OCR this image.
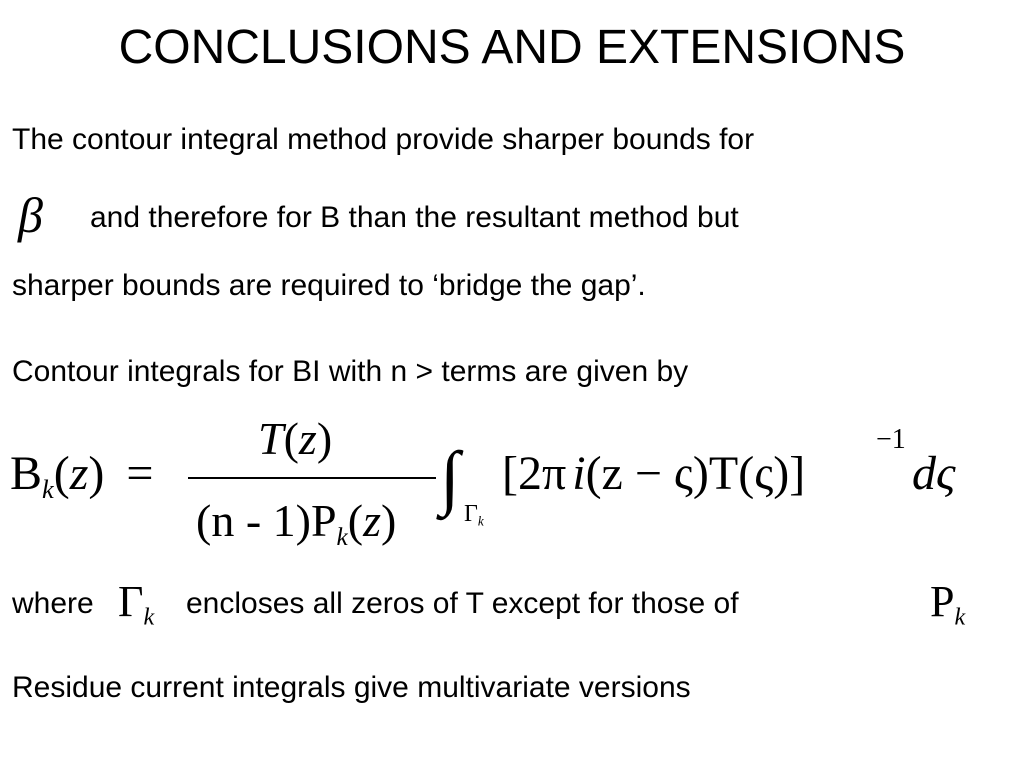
CONCLUSIONS AND EXTENSIONS
The contour integral method provide sharper bounds for
β and therefore for B than the resultant method but
sharper bounds are required to ‘bridge the gap’.
Contour integrals for BI with n > terms are given by
$B_k(z)$ =
T(z)
$(n - 1)P_k(z)$
∫ $\Gamma_k$
[2π i(z − ς)T(ς)]
−1
dς
where $\Gamma_k$ encloses all zeros of T except for those of	$P_k$
Residue current integrals give multivariate versions
